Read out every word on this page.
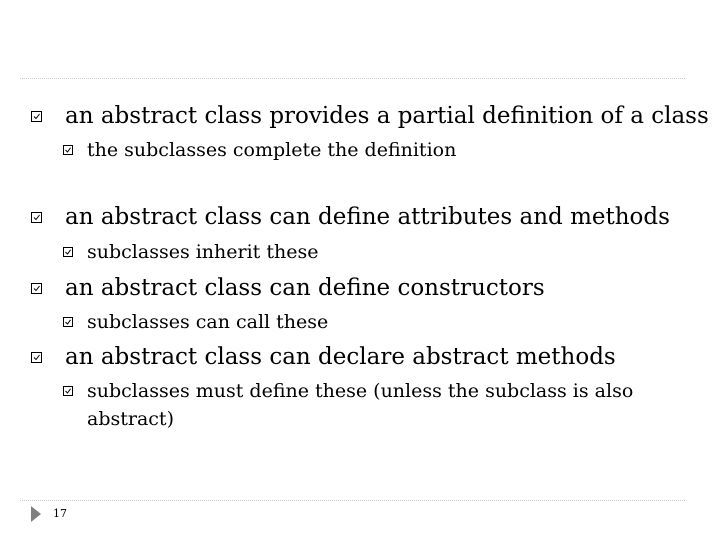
an abstract class provides a partial definition of a class
the subclasses complete the definition
an abstract class can define attributes and methods
subclasses inherit these
an abstract class can define constructors
subclasses can call these
an abstract class can declare abstract methods
subclasses must define these (unless the subclass is also
abstract)
17
